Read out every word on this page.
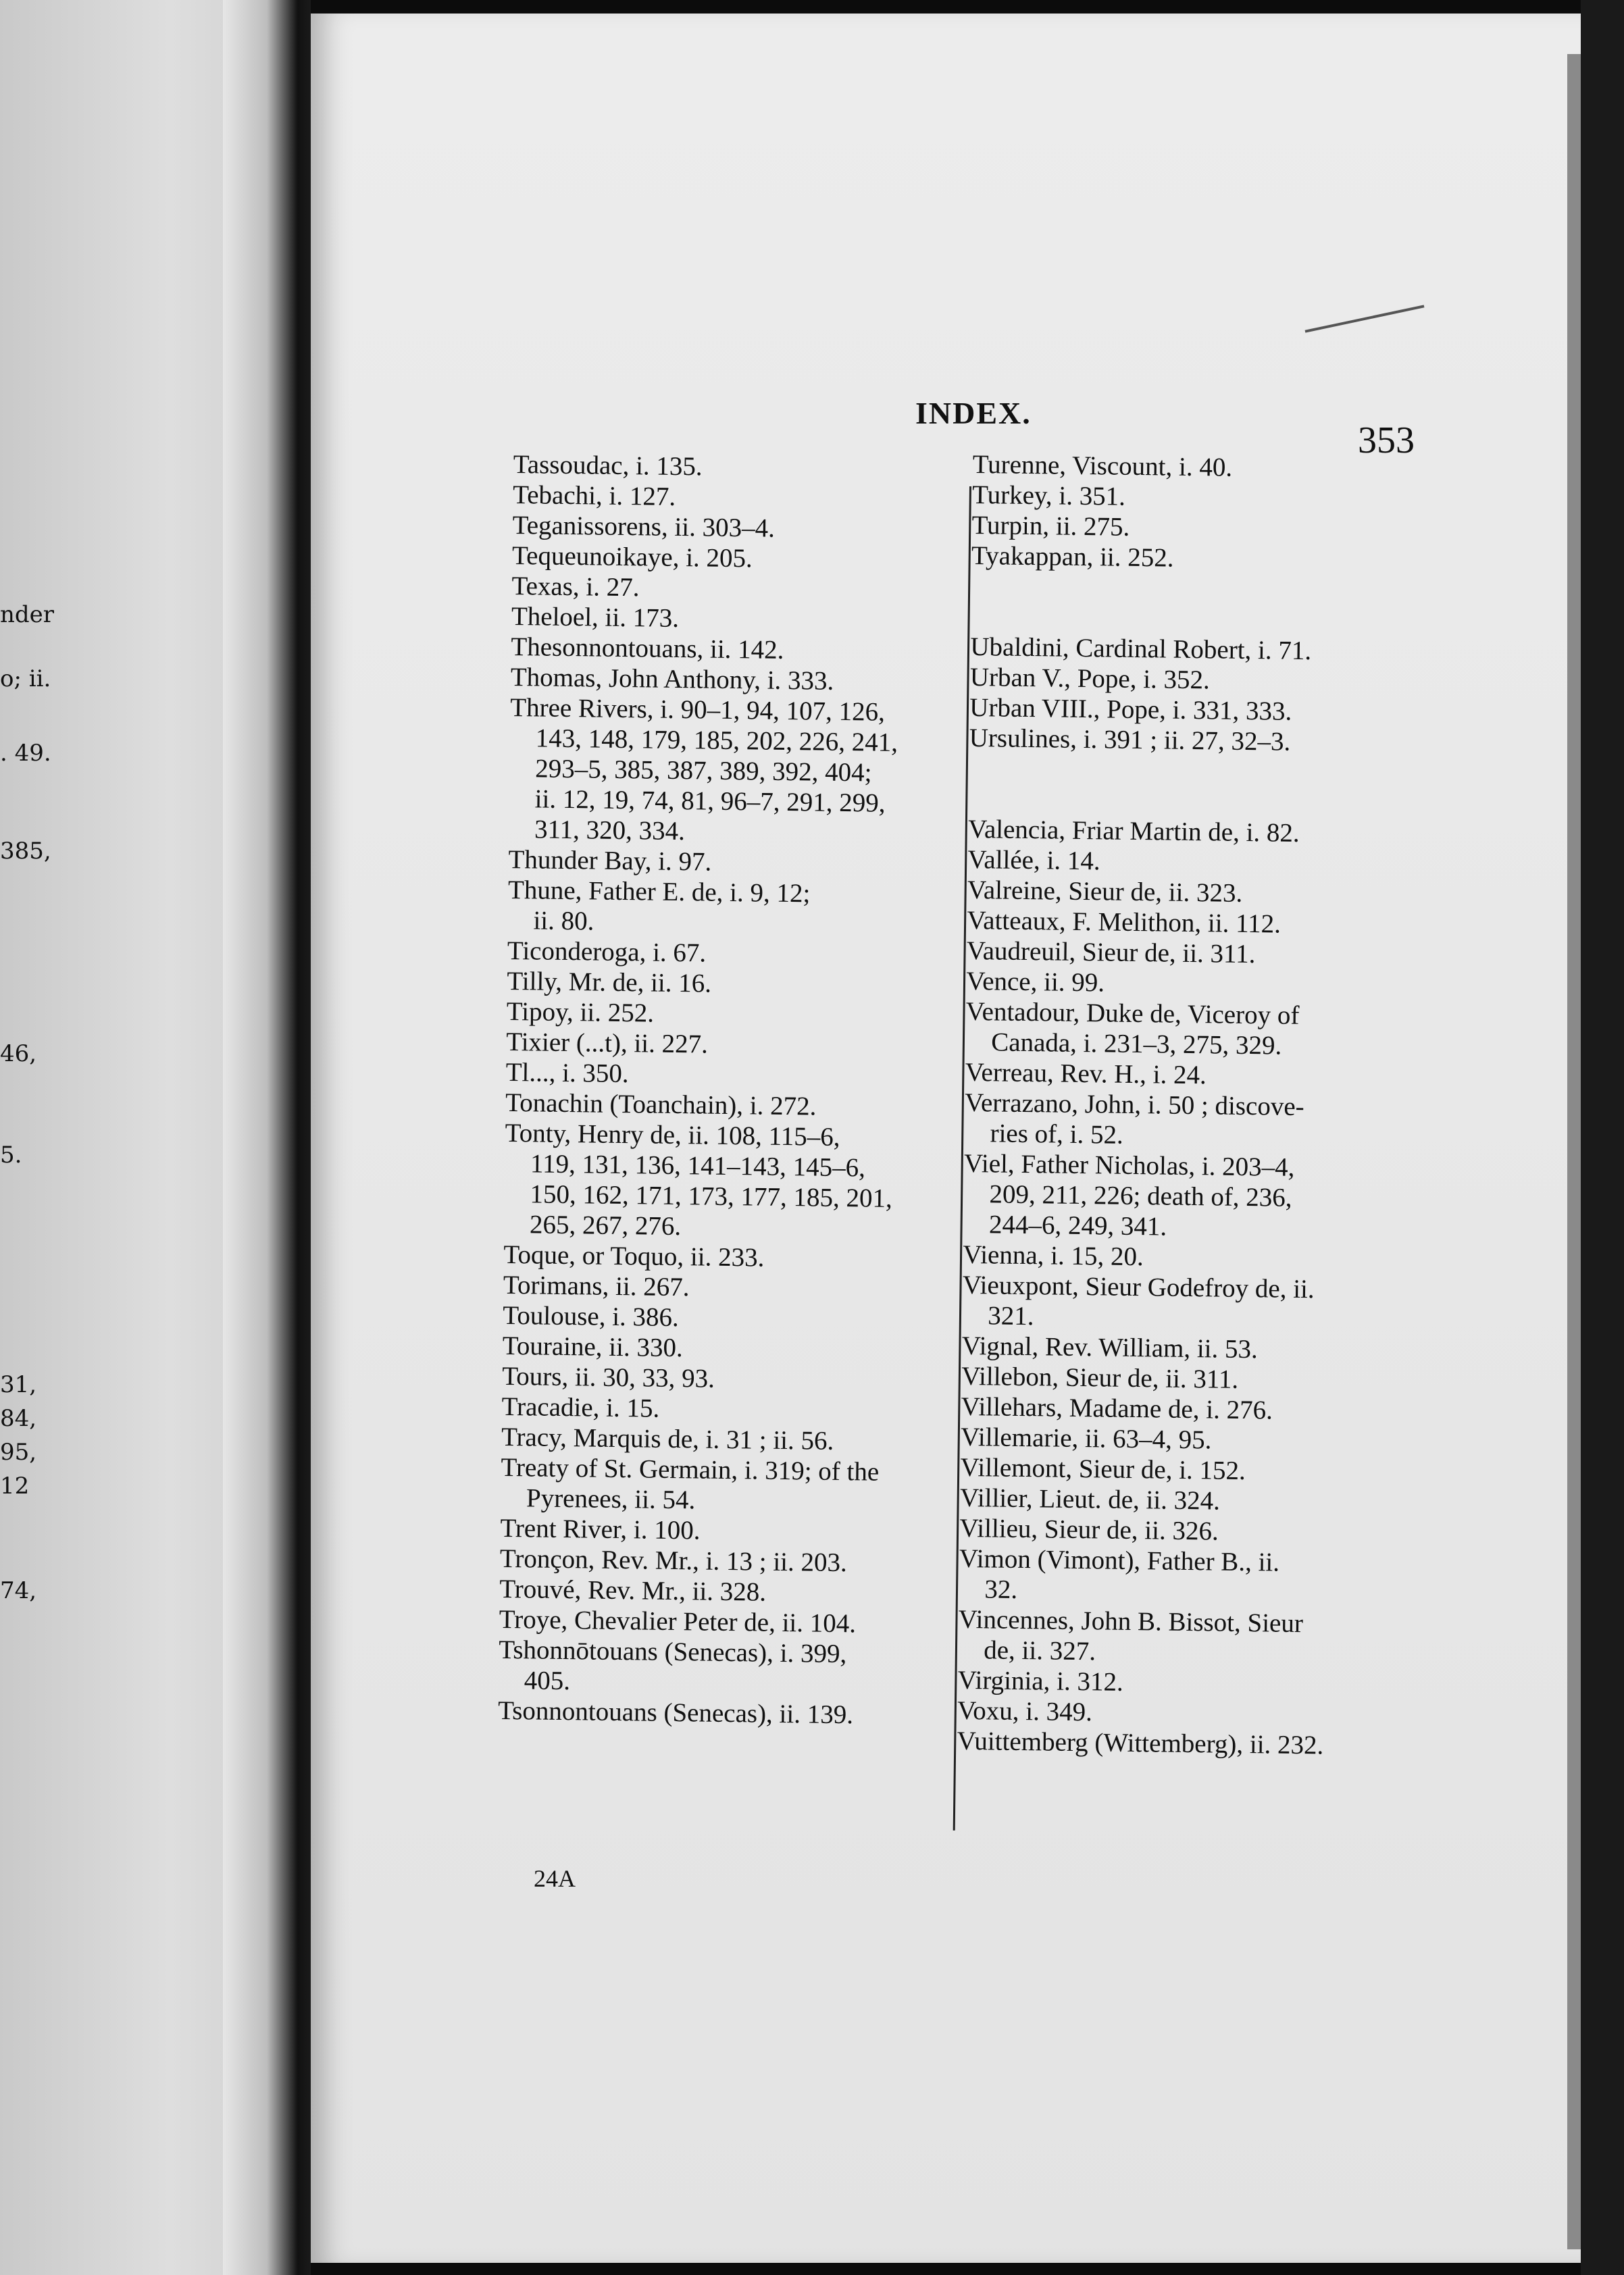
nder
o; ii.
. 49.
385,
46,
5.
31,
84,
95,
12
74,
INDEX.
353
Tassoudac, i. 135.
Tebachi, i. 127.
Teganissorens, ii. 303–4.
Tequeunoikaye, i. 205.
Texas, i. 27.
Theloel, ii. 173.
Thesonnontouans, ii. 142.
Thomas, John Anthony, i. 333.
Three Rivers, i. 90–1, 94, 107, 126,
143, 148, 179, 185, 202, 226, 241,
293–5, 385, 387, 389, 392, 404;
ii. 12, 19, 74, 81, 96–7, 291, 299,
311, 320, 334.
Thunder Bay, i. 97.
Thune, Father E. de, i. 9, 12;
ii. 80.
Ticonderoga, i. 67.
Tilly, Mr. de, ii. 16.
Tipoy, ii. 252.
Tixier (...t), ii. 227.
Tl..., i. 350.
Tonachin (Toanchain), i. 272.
Tonty, Henry de, ii. 108, 115–6,
119, 131, 136, 141–143, 145–6,
150, 162, 171, 173, 177, 185, 201,
265, 267, 276.
Toque, or Toquo, ii. 233.
Torimans, ii. 267.
Toulouse, i. 386.
Touraine, ii. 330.
Tours, ii. 30, 33, 93.
Tracadie, i. 15.
Tracy, Marquis de, i. 31 ; ii. 56.
Treaty of St. Germain, i. 319; of the
Pyrenees, ii. 54.
Trent River, i. 100.
Tronçon, Rev. Mr., i. 13 ; ii. 203.
Trouvé, Rev. Mr., ii. 328.
Troye, Chevalier Peter de, ii. 104.
Tshonnōtouans (Senecas), i. 399,
405.
Tsonnontouans (Senecas), ii. 139.
Turenne, Viscount, i. 40.
Turkey, i. 351.
Turpin, ii. 275.
Tyakappan, ii. 252.
Ubaldini, Cardinal Robert, i. 71.
Urban V., Pope, i. 352.
Urban VIII., Pope, i. 331, 333.
Ursulines, i. 391 ; ii. 27, 32–3.
Valencia, Friar Martin de, i. 82.
Vallée, i. 14.
Valreine, Sieur de, ii. 323.
Vatteaux, F. Melithon, ii. 112.
Vaudreuil, Sieur de, ii. 311.
Vence, ii. 99.
Ventadour, Duke de, Viceroy of
Canada, i. 231–3, 275, 329.
Verreau, Rev. H., i. 24.
Verrazano, John, i. 50 ; discove-
ries of, i. 52.
Viel, Father Nicholas, i. 203–4,
209, 211, 226; death of, 236,
244–6, 249, 341.
Vienna, i. 15, 20.
Vieuxpont, Sieur Godefroy de, ii.
321.
Vignal, Rev. William, ii. 53.
Villebon, Sieur de, ii. 311.
Villehars, Madame de, i. 276.
Villemarie, ii. 63–4, 95.
Villemont, Sieur de, i. 152.
Villier, Lieut. de, ii. 324.
Villieu, Sieur de, ii. 326.
Vimon (Vimont), Father B., ii.
32.
Vincennes, John B. Bissot, Sieur
de, ii. 327.
Virginia, i. 312.
Voxu, i. 349.
Vuittemberg (Wittemberg), ii. 232.
24A
